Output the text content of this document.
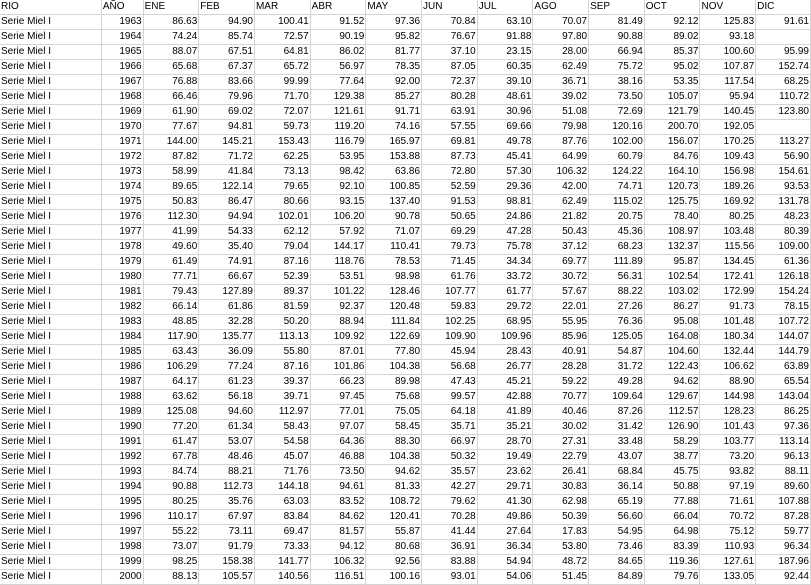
RIO	AÑO	ENE	FEB	MAR	ABR	MAY	JUN	JUL	AGO	SEP	OCT	NOV	DIC
Serie Miel I	1963	86.63	94.90	100.41	91.52	97.36	70.84	63.10	70.07	81.49	92.12	125.83	91.61
Serie Miel I	1964	74.24	85.74	72.57	90.19	95.82	76.67	91.88	97.80	90.88	89.02	93.18	
Serie Miel I	1965	88.07	67.51	64.81	86.02	81.77	37.10	23.15	28.00	66.94	85.37	100.60	95.99
Serie Miel I	1966	65.68	67.37	65.72	56.97	78.35	87.05	60.35	62.49	75.72	95.02	107.87	152.74
Serie Miel I	1967	76.88	83.66	99.99	77.64	92.00	72.37	39.10	36.71	38.16	53.35	117.54	68.25
Serie Miel I	1968	66.46	79.96	71.70	129.38	85.27	80.28	48.61	39.02	73.50	105.07	95.94	110.72
Serie Miel I	1969	61.90	69.02	72.07	121.61	91.71	63.91	30.96	51.08	72.69	121.79	140.45	123.80
Serie Miel I	1970	77.67	94.81	59.73	119.20	74.16	57.55	69.66	79.98	120.16	200.70	192.05	
Serie Miel I	1971	144.00	145.21	153.43	116.79	165.97	69.81	49.78	87.76	102.00	156.07	170.25	113.27
Serie Miel I	1972	87.82	71.72	62.25	53.95	153.88	87.73	45.41	64.99	60.79	84.76	109.43	56.90
Serie Miel I	1973	58.99	41.84	73.13	98.42	63.86	72.80	57.30	106.32	124.22	164.10	156.98	154.61
Serie Miel I	1974	89.65	122.14	79.65	92.10	100.85	52.59	29.36	42.00	74.71	120.73	189.26	93.53
Serie Miel I	1975	50.83	86.47	80.66	93.15	137.40	91.53	98.81	62.49	115.02	125.75	169.92	131.78
Serie Miel I	1976	112.30	94.94	102.01	106.20	90.78	50.65	24.86	21.82	20.75	78.40	80.25	48.23
Serie Miel I	1977	41.99	54.33	62.12	57.92	71.07	69.29	47.28	50.43	45.36	108.97	103.48	80.39
Serie Miel I	1978	49.60	35.40	79.04	144.17	110.41	79.73	75.78	37.12	68.23	132.37	115.56	109.00
Serie Miel I	1979	61.49	74.91	87.16	118.76	78.53	71.45	34.34	69.77	111.89	95.87	134.45	61.36
Serie Miel I	1980	77.71	66.67	52.39	53.51	98.98	61.76	33.72	30.72	56.31	102.54	172.41	126.18
Serie Miel I	1981	79.43	127.89	89.37	101.22	128.46	107.77	61.77	57.67	88.22	103.02	172.99	154.24
Serie Miel I	1982	66.14	61.86	81.59	92.37	120.48	59.83	29.72	22.01	27.26	86.27	91.73	78.15
Serie Miel I	1983	48.85	32.28	50.20	88.94	111.84	102.25	68.95	55.95	76.36	95.08	101.48	107.72
Serie Miel I	1984	117.90	135.77	113.13	109.92	122.69	109.90	109.96	85.96	125.05	164.08	180.34	144.07
Serie Miel I	1985	63.43	36.09	55.80	87.01	77.80	45.94	28.43	40.91	54.87	104.60	132.44	144.79
Serie Miel I	1986	106.29	77.24	87.16	101.86	104.38	56.68	26.77	28.28	31.72	122.43	106.62	63.89
Serie Miel I	1987	64.17	61.23	39.37	66.23	89.98	47.43	45.21	59.22	49.28	94.62	88.90	65.54
Serie Miel I	1988	63.62	56.18	39.71	97.45	75.68	99.57	42.88	70.77	109.64	129.67	144.98	143.04
Serie Miel I	1989	125.08	94.60	112.97	77.01	75.05	64.18	41.89	40.46	87.26	112.57	128.23	86.25
Serie Miel I	1990	77.20	61.34	58.43	97.07	58.45	35.71	35.21	30.02	31.42	126.90	101.43	97.36
Serie Miel I	1991	61.47	53.07	54.58	64.36	88.30	66.97	28.70	27.31	33.48	58.29	103.77	113.14
Serie Miel I	1992	67.78	48.46	45.07	46.88	104.38	50.32	19.49	22.79	43.07	38.77	73.20	96.13
Serie Miel I	1993	84.74	88.21	71.76	73.50	94.62	35.57	23.62	26.41	68.84	45.75	93.82	88.11
Serie Miel I	1994	90.88	112.73	144.18	94.61	81.33	42.27	29.71	30.83	36.14	50.88	97.19	89.60
Serie Miel I	1995	80.25	35.76	63.03	83.52	108.72	79.62	41.30	62.98	65.19	77.88	71.61	107.88
Serie Miel I	1996	110.17	67.97	83.84	84.62	120.41	70.28	49.86	50.39	56.60	66.04	70.72	87.28
Serie Miel I	1997	55.22	73.11	69.47	81.57	55.87	41.44	27.64	17.83	54.95	64.98	75.12	59.77
Serie Miel I	1998	73.07	91.79	73.33	94.12	80.68	36.91	36.34	53.80	73.46	83.39	110.93	96.34
Serie Miel I	1999	98.25	158.38	141.77	106.32	92.56	83.88	54.94	48.72	84.65	119.36	127.61	187.96
Serie Miel I	2000	88.13	105.57	140.56	116.51	100.16	93.01	54.06	51.45	84.89	79.76	133.05	92.44
